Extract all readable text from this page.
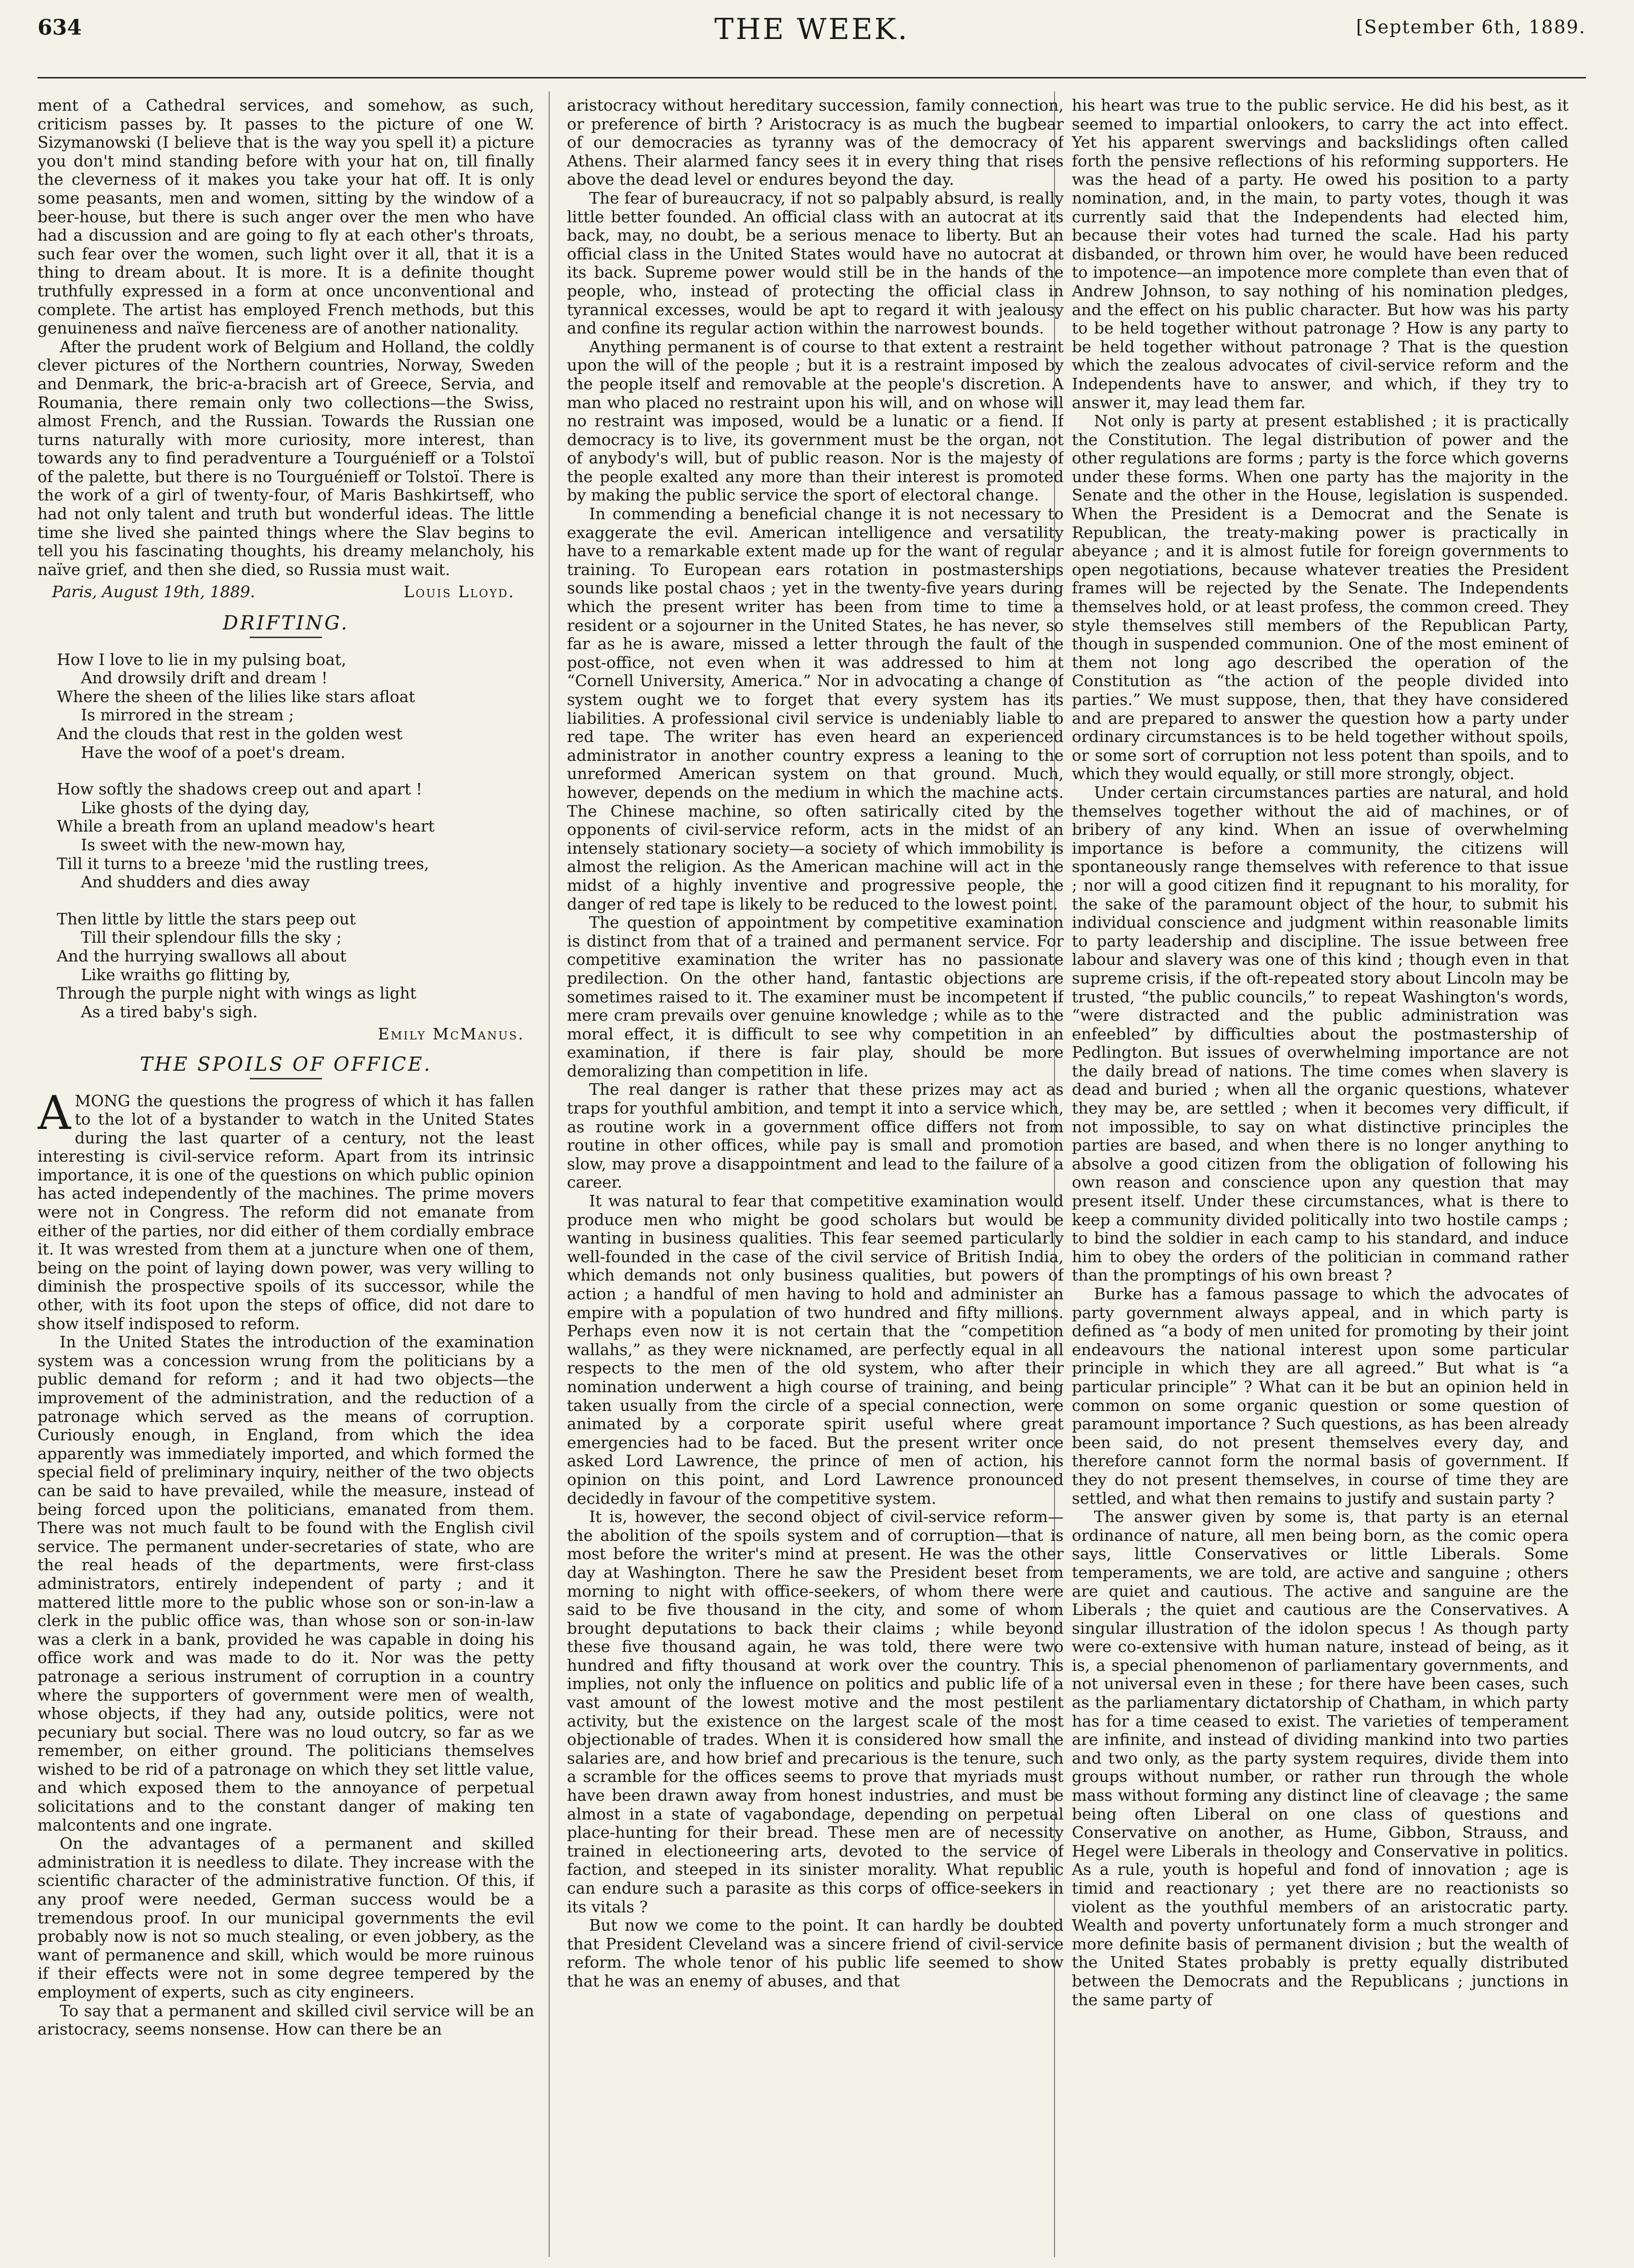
634	THE WEEK.	[September 6th, 1889.

ment of a Cathedral services, and somehow, as such, criticism passes by. It passes to the picture of one W. Sizymanowski (I believe that is the way you spell it) a picture you don't mind standing before with your hat on, till finally the cleverness of it makes you take your hat off. It is only some peasants, men and women, sitting by the window of a beer-house, but there is such anger over the men who have had a discussion and are going to fly at each other's throats, such fear over the women, such light over it all, that it is a thing to dream about. It is more. It is a definite thought truthfully expressed in a form at once unconventional and complete. The artist has employed French methods, but this genuineness and naïve fierceness are of another nationality.

After the prudent work of Belgium and Holland, the coldly clever pictures of the Northern countries, Norway, Sweden and Denmark, the bric-a-bracish art of Greece, Servia, and Roumania, there remain only two collections—the Swiss, almost French, and the Russian. Towards the Russian one turns naturally with more curiosity, more interest, than towards any to find peradventure a Tourguénieff or a Tolstoï of the palette, but there is no Tourguénieff or Tolstoï. There is the work of a girl of twenty-four, of Maris Bashkirtseff, who had not only talent and truth but wonderful ideas. The little time she lived she painted things where the Slav begins to tell you his fascinating thoughts, his dreamy melancholy, his naïve grief, and then she died, so Russia must wait.

Paris, August 19th, 1889.	Louis Lloyd.
DRIFTING.
How I love to lie in my pulsing boat,
And drowsily drift and dream !
Where the sheen of the lilies like stars afloat
Is mirrored in the stream ;
And the clouds that rest in the golden west
Have the woof of a poet's dream.
How softly the shadows creep out and apart !
Like ghosts of the dying day,
While a breath from an upland meadow's heart
Is sweet with the new-mown hay,
Till it turns to a breeze 'mid the rustling trees,
And shudders and dies away
Then little by little the stars peep out
Till their splendour fills the sky ;
And the hurrying swallows all about
Like wraiths go flitting by,
Through the purple night with wings as light
As a tired baby's sigh.
Emily McManus.
THE SPOILS OF OFFICE.

AMONG the questions the progress of which it has fallen to the lot of a bystander to watch in the United States during the last quarter of a century, not the least interesting is civil-service reform. Apart from its intrinsic importance, it is one of the questions on which public opinion has acted independently of the machines. The prime movers were not in Congress. The reform did not emanate from either of the parties, nor did either of them cordially embrace it. It was wrested from them at a juncture when one of them, being on the point of laying down power, was very willing to diminish the prospective spoils of its successor, while the other, with its foot upon the steps of office, did not dare to show itself indisposed to reform.

In the United States the introduction of the examination system was a concession wrung from the politicians by a public demand for reform ; and it had two objects—the improvement of the administration, and the reduction of a patronage which served as the means of corruption. Curiously enough, in England, from which the idea apparently was immediately imported, and which formed the special field of preliminary inquiry, neither of the two objects can be said to have prevailed, while the measure, instead of being forced upon the politicians, emanated from them. There was not much fault to be found with the English civil service. The permanent under-secretaries of state, who are the real heads of the departments, were first-class administrators, entirely independent of party ; and it mattered little more to the public whose son or son-in-law a clerk in the public office was, than whose son or son-in-law was a clerk in a bank, provided he was capable in doing his office work and was made to do it. Nor was the petty patronage a serious instrument of corruption in a country where the supporters of government were men of wealth, whose objects, if they had any, outside politics, were not pecuniary but social. There was no loud outcry, so far as we remember, on either ground. The politicians themselves wished to be rid of a patronage on which they set little value, and which exposed them to the annoyance of perpetual solicitations and to the constant danger of making ten malcontents and one ingrate.

On the advantages of a permanent and skilled administration it is needless to dilate. They increase with the scientific character of the administrative function. Of this, if any proof were needed, German success would be a tremendous proof. In our municipal governments the evil probably now is not so much stealing, or even jobbery, as the want of permanence and skill, which would be more ruinous if their effects were not in some degree tempered by the employment of experts, such as city engineers.

To say that a permanent and skilled civil service will be an aristocracy, seems nonsense. How can there be an

aristocracy without hereditary succession, family connection, or preference of birth ? Aristocracy is as much the bugbear of our democracies as tyranny was of the democracy of Athens. Their alarmed fancy sees it in every thing that rises above the dead level or endures beyond the day.

The fear of bureaucracy, if not so palpably absurd, is really little better founded. An official class with an autocrat at its back, may, no doubt, be a serious menace to liberty. But an official class in the United States would have no autocrat at its back. Supreme power would still be in the hands of the people, who, instead of protecting the official class in tyrannical excesses, would be apt to regard it with jealousy and confine its regular action within the narrowest bounds.

Anything permanent is of course to that extent a restraint upon the will of the people ; but it is a restraint imposed by the people itself and removable at the people's discretion. A man who placed no restraint upon his will, and on whose will no restraint was imposed, would be a lunatic or a fiend. If democracy is to live, its government must be the organ, not of anybody's will, but of public reason. Nor is the majesty of the people exalted any more than their interest is promoted by making the public service the sport of electoral change.

In commending a beneficial change it is not necessary to exaggerate the evil. American intelligence and versatility have to a remarkable extent made up for the want of regular training. To European ears rotation in postmasterships sounds like postal chaos ; yet in the twenty-five years during which the present writer has been from time to time a resident or a sojourner in the United States, he has never, so far as he is aware, missed a letter through the fault of the post-office, not even when it was addressed to him at “Cornell University, America.” Nor in advocating a change of system ought we to forget that every system has its liabilities. A professional civil service is undeniably liable to red tape. The writer has even heard an experienced administrator in another country express a leaning to the unreformed American system on that ground. Much, however, depends on the medium in which the machine acts. The Chinese machine, so often satirically cited by the opponents of civil-service reform, acts in the midst of an intensely stationary society—a society of which immobility is almost the religion. As the American machine will act in the midst of a highly inventive and progressive people, the danger of red tape is likely to be reduced to the lowest point.

The question of appointment by competitive examination is distinct from that of a trained and permanent service. For competitive examination the writer has no passionate predilection. On the other hand, fantastic objections are sometimes raised to it. The examiner must be incompetent if mere cram prevails over genuine knowledge ; while as to the moral effect, it is difficult to see why competition in an examination, if there is fair play, should be more demoralizing than competition in life.

The real danger is rather that these prizes may act as traps for youthful ambition, and tempt it into a service which, as routine work in a government office differs not from routine in other offices, while pay is small and promotion slow, may prove a disappointment and lead to the failure of a career.

It was natural to fear that competitive examination would produce men who might be good scholars but would be wanting in business qualities. This fear seemed particularly well-founded in the case of the civil service of British India, which demands not only business qualities, but powers of action ; a handful of men having to hold and administer an empire with a population of two hundred and fifty millions. Perhaps even now it is not certain that the “competition wallahs,” as they were nicknamed, are perfectly equal in all respects to the men of the old system, who after their nomination underwent a high course of training, and being taken usually from the circle of a special connection, were animated by a corporate spirit useful where great emergencies had to be faced. But the present writer once asked Lord Lawrence, the prince of men of action, his opinion on this point, and Lord Lawrence pronounced decidedly in favour of the competitive system.

It is, however, the second object of civil-service reform—the abolition of the spoils system and of corruption—that is most before the writer's mind at present. He was the other day at Washington. There he saw the President beset from morning to night with office-seekers, of whom there were said to be five thousand in the city, and some of whom brought deputations to back their claims ; while beyond these five thousand again, he was told, there were two hundred and fifty thousand at work over the country. This implies, not only the influence on politics and public life of a vast amount of the lowest motive and the most pestilent activity, but the existence on the largest scale of the most objectionable of trades. When it is considered how small the salaries are, and how brief and precarious is the tenure, such a scramble for the offices seems to prove that myriads must have been drawn away from honest industries, and must be almost in a state of vagabondage, depending on perpetual place-hunting for their bread. These men are of necessity trained in electioneering arts, devoted to the service of faction, and steeped in its sinister morality. What republic can endure such a parasite as this corps of office-seekers in its vitals ?

But now we come to the point. It can hardly be doubted that President Cleveland was a sincere friend of civil-service reform. The whole tenor of his public life seemed to show that he was an enemy of abuses, and that

his heart was true to the public service. He did his best, as it seemed to impartial onlookers, to carry the act into effect. Yet his apparent swervings and backslidings often called forth the pensive reflections of his reforming supporters. He was the head of a party. He owed his position to a party nomination, and, in the main, to party votes, though it was currently said that the Independents had elected him, because their votes had turned the scale. Had his party disbanded, or thrown him over, he would have been reduced to impotence—an impotence more complete than even that of Andrew Johnson, to say nothing of his nomination pledges, and the effect on his public character. But how was his party to be held together without patronage ? How is any party to be held together without patronage ? That is the question which the zealous advocates of civil-service reform and the Independents have to answer, and which, if they try to answer it, may lead them far.

Not only is party at present established ; it is practically the Constitution. The legal distribution of power and the other regulations are forms ; party is the force which governs under these forms. When one party has the majority in the Senate and the other in the House, legislation is suspended. When the President is a Democrat and the Senate is Republican, the treaty-making power is practically in abeyance ; and it is almost futile for foreign governments to open negotiations, because whatever treaties the President frames will be rejected by the Senate. The Independents themselves hold, or at least profess, the common creed. They style themselves still members of the Republican Party, though in suspended communion. One of the most eminent of them not long ago described the operation of the Constitution as “the action of the people divided into parties.” We must suppose, then, that they have considered and are prepared to answer the question how a party under ordinary circumstances is to be held together without spoils, or some sort of corruption not less potent than spoils, and to which they would equally, or still more strongly, object.

Under certain circumstances parties are natural, and hold themselves together without the aid of machines, or of bribery of any kind. When an issue of overwhelming importance is before a community, the citizens will spontaneously range themselves with reference to that issue ; nor will a good citizen find it repugnant to his morality, for the sake of the paramount object of the hour, to submit his individual conscience and judgment within reasonable limits to party leadership and discipline. The issue between free labour and slavery was one of this kind ; though even in that supreme crisis, if the oft-repeated story about Lincoln may be trusted, “the public councils,” to repeat Washington's words, “were distracted and the public administration was enfeebled” by difficulties about the postmastership of Pedlington. But issues of overwhelming importance are not the daily bread of nations. The time comes when slavery is dead and buried ; when all the organic questions, whatever they may be, are settled ; when it becomes very difficult, if not impossible, to say on what distinctive principles the parties are based, and when there is no longer anything to absolve a good citizen from the obligation of following his own reason and conscience upon any question that may present itself. Under these circumstances, what is there to keep a community divided politically into two hostile camps ; to bind the soldier in each camp to his standard, and induce him to obey the orders of the politician in command rather than the promptings of his own breast ?

Burke has a famous passage to which the advocates of party government always appeal, and in which party is defined as “a body of men united for promoting by their joint endeavours the national interest upon some particular principle in which they are all agreed.” But what is “a particular principle” ? What can it be but an opinion held in common on some organic question or some question of paramount importance ? Such questions, as has been already been said, do not present themselves every day, and therefore cannot form the normal basis of government. If they do not present themselves, in course of time they are settled, and what then remains to justify and sustain party ?

The answer given by some is, that party is an eternal ordinance of nature, all men being born, as the comic opera says, little Conservatives or little Liberals. Some temperaments, we are told, are active and sanguine ; others are quiet and cautious. The active and sanguine are the Liberals ; the quiet and cautious are the Conservatives. A singular illustration of the idolon specus ! As though party were co-extensive with human nature, instead of being, as it is, a special phenomenon of parliamentary governments, and not universal even in these ; for there have been cases, such as the parliamentary dictatorship of Chatham, in which party has for a time ceased to exist. The varieties of temperament are infinite, and instead of dividing mankind into two parties and two only, as the party system requires, divide them into groups without number, or rather run through the whole mass without forming any distinct line of cleavage ; the same being often Liberal on one class of questions and Conservative on another, as Hume, Gibbon, Strauss, and Hegel were Liberals in theology and Conservative in politics. As a rule, youth is hopeful and fond of innovation ; age is timid and reactionary ; yet there are no reactionists so violent as the youthful members of an aristocratic party. Wealth and poverty unfortunately form a much stronger and more definite basis of permanent division ; but the wealth of the United States probably is pretty equally distributed between the Democrats and the Republicans ; junctions in the same party of
